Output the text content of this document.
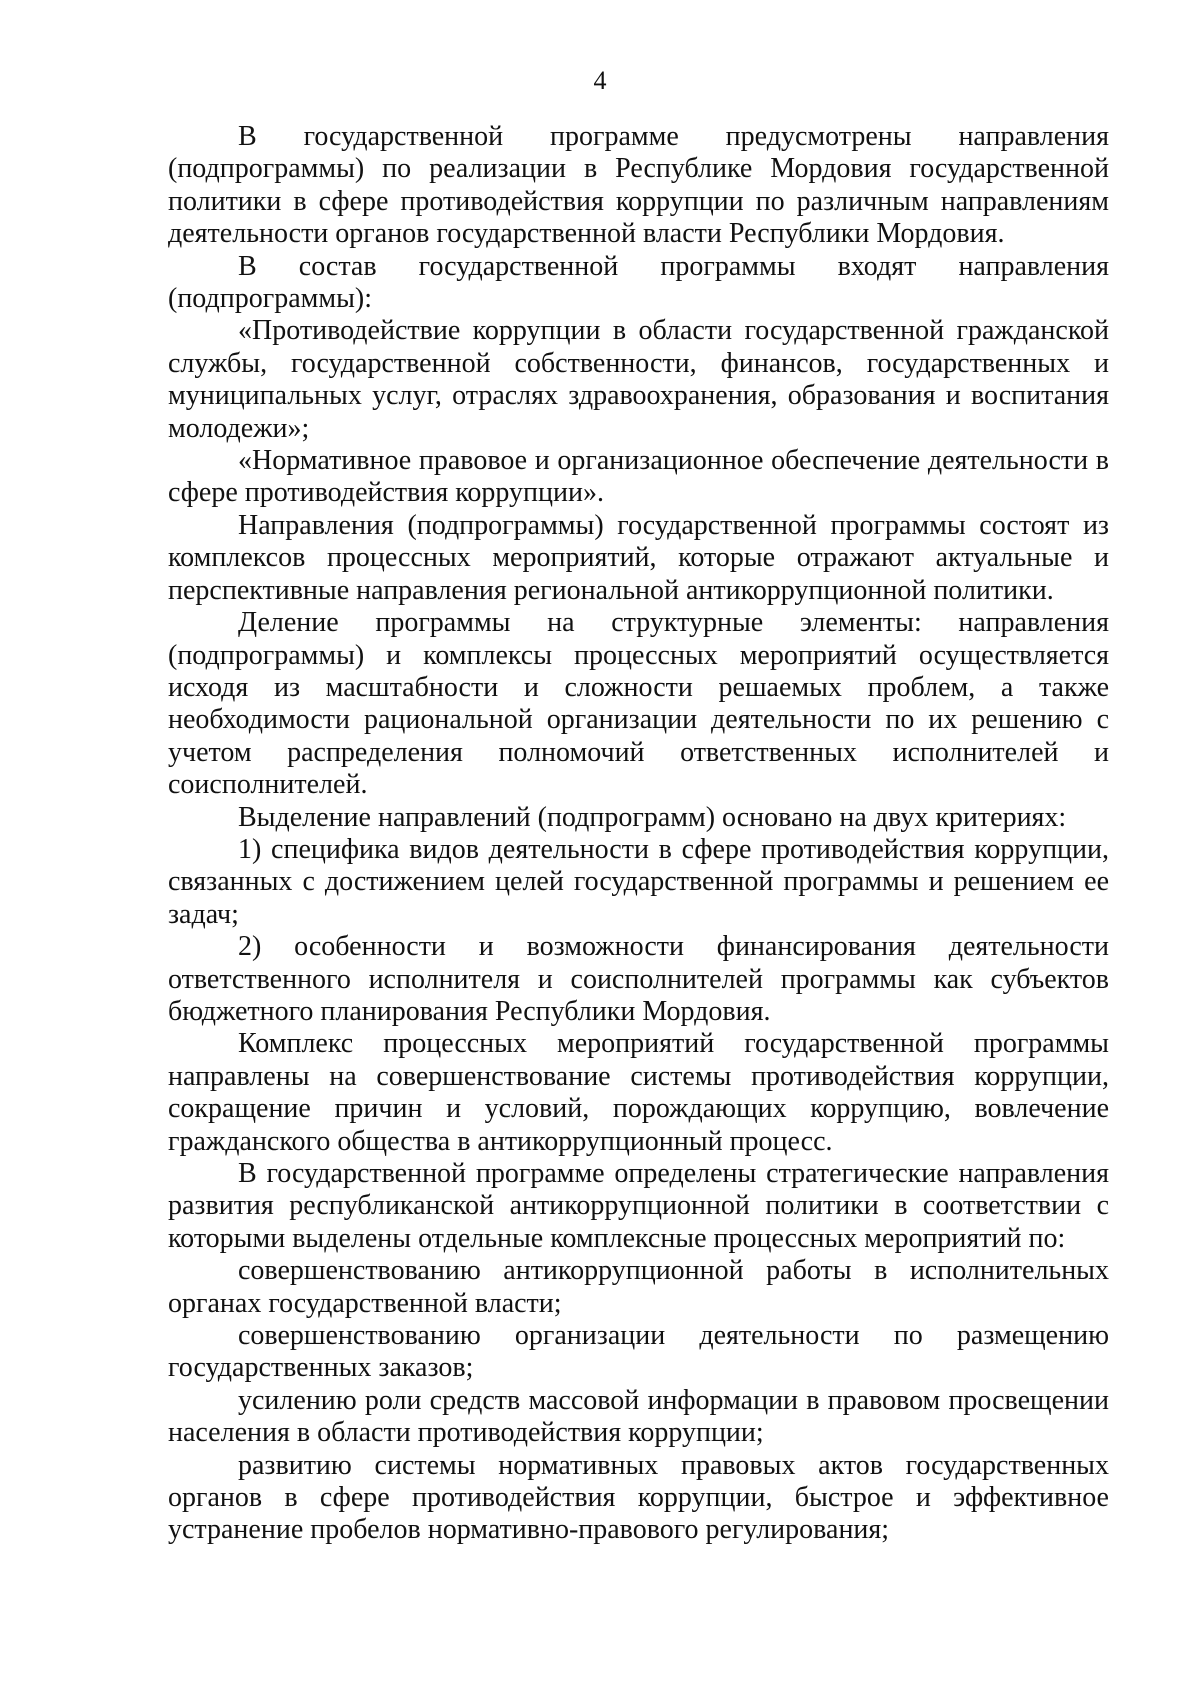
4

В государственной программе предусмотрены направления (подпрограммы) по реализации в Республике Мордовия государственной политики в сфере противодействия коррупции по различным направлениям деятельности органов государственной власти Республики Мордовия.

В состав государственной программы входят направления (подпрограммы):

«Противодействие коррупции в области государственной гражданской службы, государственной собственности, финансов, государственных и муниципальных услуг, отраслях здравоохранения, образования и воспитания молодежи»;

«Нормативное правовое и организационное обеспечение деятельности в сфере противодействия коррупции».

Направления (подпрограммы) государственной программы состоят из комплексов процессных мероприятий, которые отражают актуальные и перспективные направления региональной антикоррупционной политики.

Деление программы на структурные элементы: направления (подпрограммы) и комплексы процессных мероприятий осуществляется исходя из масштабности и сложности решаемых проблем, а также необходимости рациональной организации деятельности по их решению с учетом распределения полномочий ответственных исполнителей и соисполнителей.

Выделение направлений (подпрограмм) основано на двух критериях:

1) специфика видов деятельности в сфере противодействия коррупции, связанных с достижением целей государственной программы и решением ее задач;

2) особенности и возможности финансирования деятельности ответственного исполнителя и соисполнителей программы как субъектов бюджетного планирования Республики Мордовия.

Комплекс процессных мероприятий государственной программы направлены на совершенствование системы противодействия коррупции, сокращение причин и условий, порождающих коррупцию, вовлечение гражданского общества в антикоррупционный процесс.

В государственной программе определены стратегические направления развития республиканской антикоррупционной политики в соответствии с которыми выделены отдельные комплексные процессных мероприятий по:

совершенствованию антикоррупционной работы в исполнительных органах государственной власти;

совершенствованию организации деятельности по размещению государственных заказов;

усилению роли средств массовой информации в правовом просвещении населения в области противодействия коррупции;

развитию системы нормативных правовых актов государственных органов в сфере противодействия коррупции, быстрое и эффективное устранение пробелов нормативно-правового регулирования;
